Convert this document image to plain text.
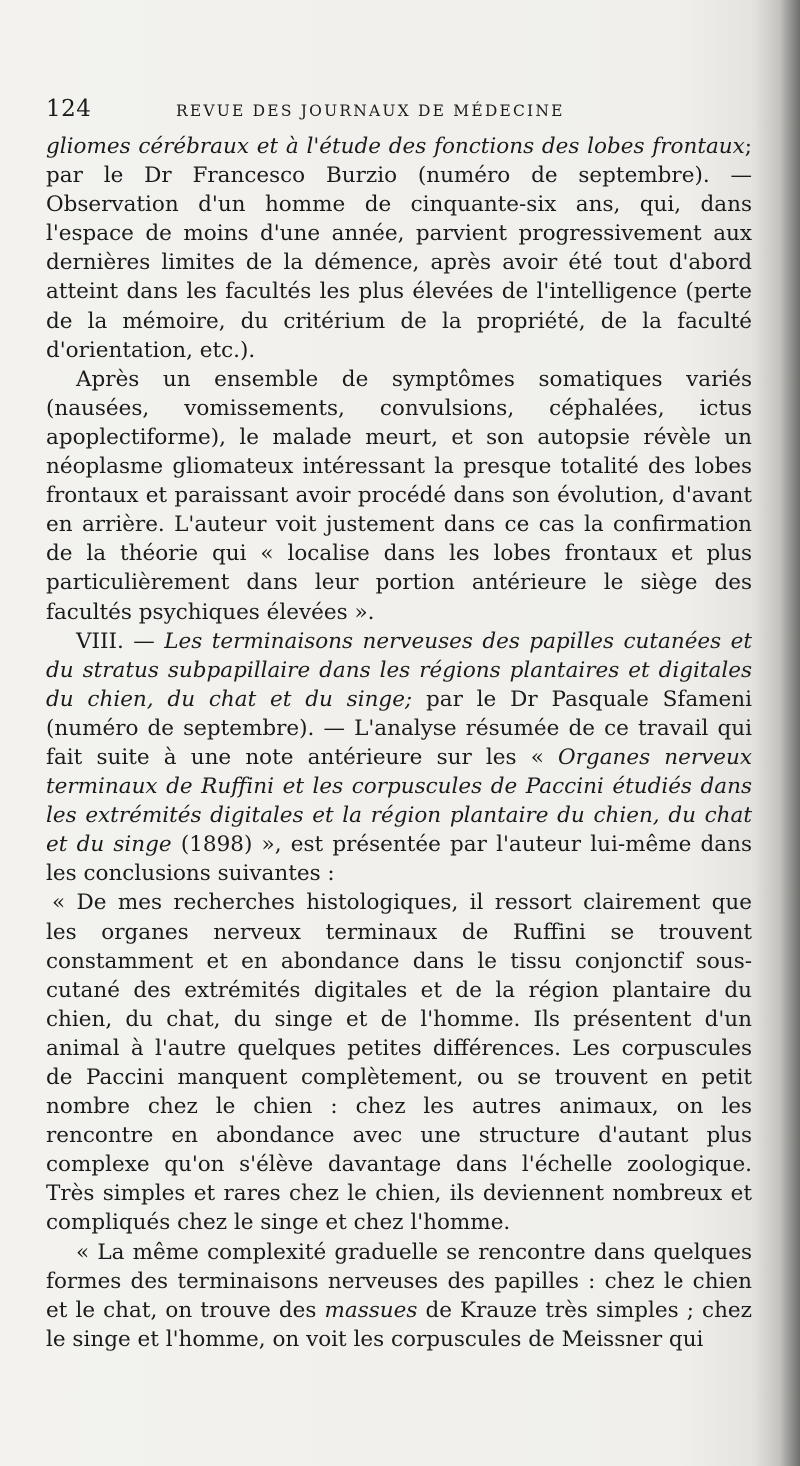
124	REVUE DES JOURNAUX DE MÉDECINE

gliomes cérébraux et à l'étude des fonctions des lobes frontaux; par le Dr Francesco Burzio (numéro de septembre). — Observation d'un homme de cinquante-six ans, qui, dans l'espace de moins d'une année, parvient progressivement aux dernières limites de la démence, après avoir été tout d'abord atteint dans les facultés les plus élevées de l'intelligence (perte de la mémoire, du critérium de la propriété, de la faculté d'orientation, etc.).

Après un ensemble de symptômes somatiques variés (nausées, vomissements, convulsions, céphalées, ictus apoplectiforme), le malade meurt, et son autopsie révèle un néoplasme gliomateux intéressant la presque totalité des lobes frontaux et paraissant avoir procédé dans son évolution, d'avant en arrière. L'auteur voit justement dans ce cas la confirmation de la théorie qui « localise dans les lobes frontaux et plus particulièrement dans leur portion antérieure le siège des facultés psychiques élevées ».

VIII. — Les terminaisons nerveuses des papilles cutanées et du stratus subpapillaire dans les régions plantaires et digitales du chien, du chat et du singe; par le Dr Pasquale Sfameni (numéro de septembre). — L'analyse résumée de ce travail qui fait suite à une note antérieure sur les « Organes nerveux terminaux de Ruffini et les corpuscules de Paccini étudiés dans les extrémités digitales et la région plantaire du chien, du chat et du singe (1898) », est présentée par l'auteur lui-même dans les conclusions suivantes :

« De mes recherches histologiques, il ressort clairement que les organes nerveux terminaux de Ruffini se trouvent constamment et en abondance dans le tissu conjonctif sous-cutané des extrémités digitales et de la région plantaire du chien, du chat, du singe et de l'homme. Ils présentent d'un animal à l'autre quelques petites différences. Les corpuscules de Paccini manquent complètement, ou se trouvent en petit nombre chez le chien : chez les autres animaux, on les rencontre en abondance avec une structure d'autant plus complexe qu'on s'élève davantage dans l'échelle zoologique. Très simples et rares chez le chien, ils deviennent nombreux et compliqués chez le singe et chez l'homme.

« La même complexité graduelle se rencontre dans quelques formes des terminaisons nerveuses des papilles : chez le chien et le chat, on trouve des massues de Krauze très simples ; chez le singe et l'homme, on voit les corpuscules de Meissner qui
